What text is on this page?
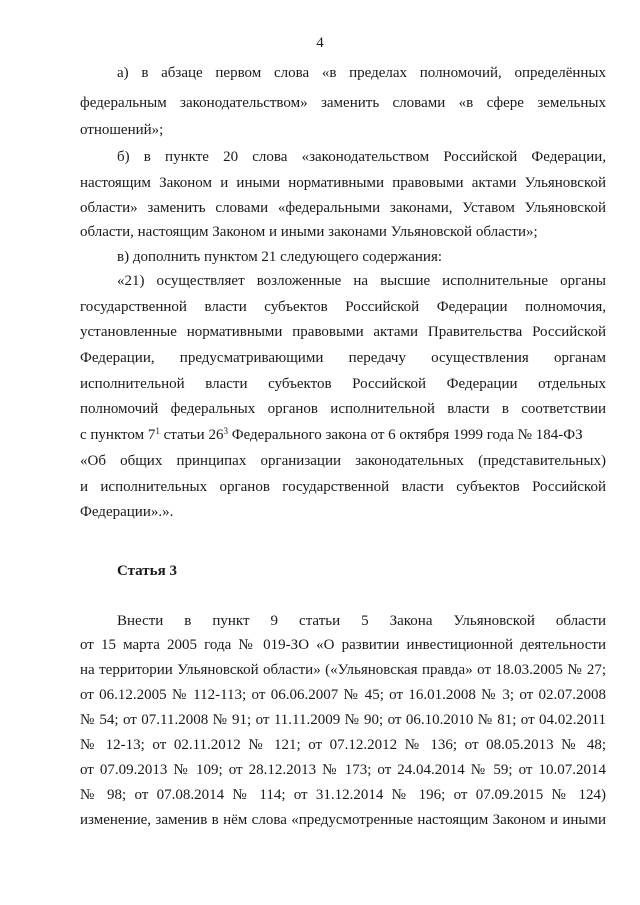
4
а) в абзаце первом слова «в пределах полномочий, определённых
федеральным законодательством» заменить словами «в сфере земельных
отношений»;
б) в пункте 20 слова «законодательством Российской Федерации,
настоящим Законом и иными нормативными правовыми актами Ульяновской
области» заменить словами «федеральными законами, Уставом Ульяновской
области, настоящим Законом и иными законами Ульяновской области»;
в) дополнить пунктом 21 следующего содержания:
«21) осуществляет возложенные на высшие исполнительные органы
государственной власти субъектов Российской Федерации полномочия,
установленные нормативными правовыми актами Правительства Российской
Федерации, предусматривающими передачу осуществления органам
исполнительной власти субъектов Российской Федерации отдельных
полномочий федеральных органов исполнительной власти в соответствии
с пунктом $7^1$ статьи $26^3$ Федерального закона от 6 октября 1999 года № 184-ФЗ
«Об общих принципах организации законодательных (представительных)
и исполнительных органов государственной власти субъектов Российской
Федерации».».
Статья 3
Внести в пункт 9 статьи 5 Закона Ульяновской области
от 15 марта 2005 года № 019-ЗО «О развитии инвестиционной деятельности
на территории Ульяновской области» («Ульяновская правда» от 18.03.2005 № 27;
от 06.12.2005 № 112-113; от 06.06.2007 № 45; от 16.01.2008 № 3; от 02.07.2008
№ 54; от 07.11.2008 № 91; от 11.11.2009 № 90; от 06.10.2010 № 81; от 04.02.2011
№ 12-13; от 02.11.2012 № 121; от 07.12.2012 № 136; от 08.05.2013 № 48;
от 07.09.2013 № 109; от 28.12.2013 № 173; от 24.04.2014 № 59; от 10.07.2014
№ 98; от 07.08.2014 № 114; от 31.12.2014 № 196; от 07.09.2015 № 124)
изменение, заменив в нём слова «предусмотренные настоящим Законом и иными
